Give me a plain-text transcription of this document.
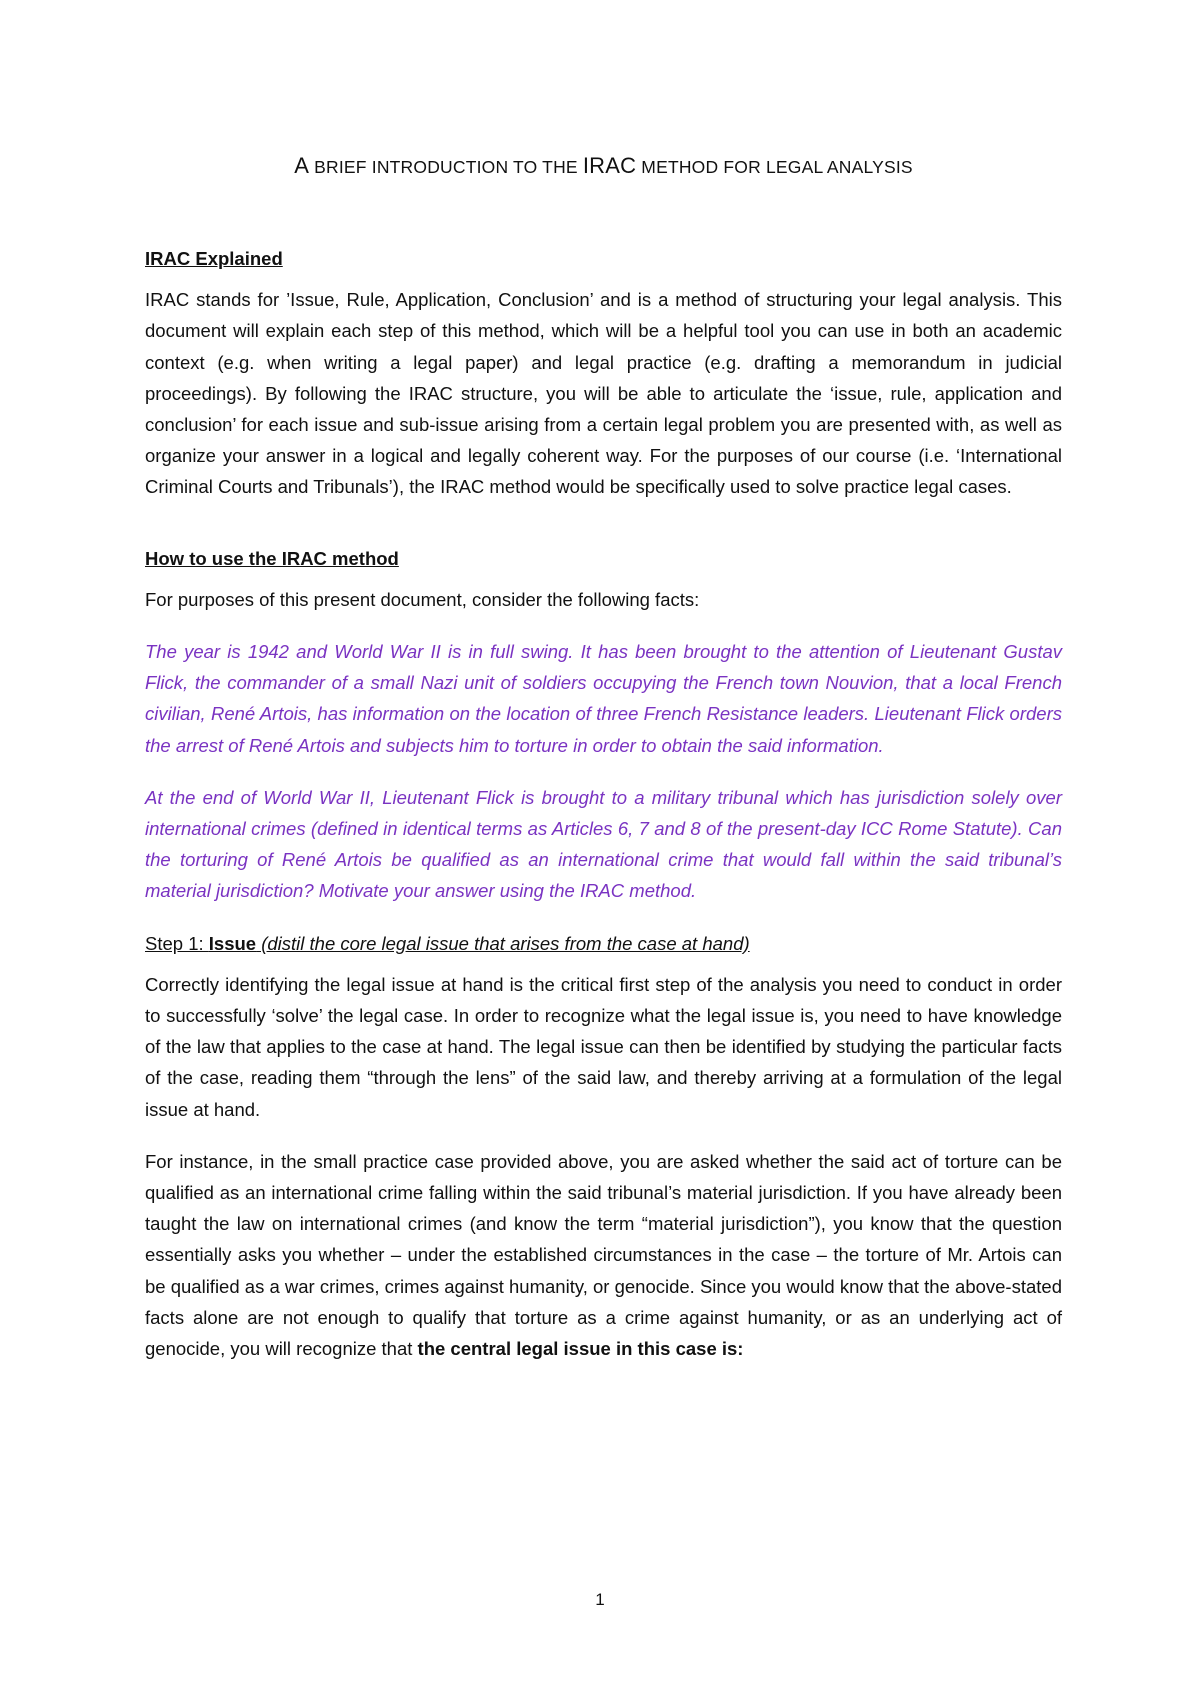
A BRIEF INTRODUCTION TO THE IRAC METHOD FOR LEGAL ANALYSIS
IRAC Explained

IRAC stands for ’Issue, Rule, Application, Conclusion’ and is a method of structuring your legal analysis. This document will explain each step of this method, which will be a helpful tool you can use in both an academic context (e.g. when writing a legal paper) and legal practice (e.g. drafting a memorandum in judicial proceedings). By following the IRAC structure, you will be able to articulate the ‘issue, rule, application and conclusion’ for each issue and sub-issue arising from a certain legal problem you are presented with, as well as organize your answer in a logical and legally coherent way. For the purposes of our course (i.e. ‘International Criminal Courts and Tribunals’), the IRAC method would be specifically used to solve practice legal cases.

How to use the IRAC method

For purposes of this present document, consider the following facts:

The year is 1942 and World War II is in full swing. It has been brought to the attention of Lieutenant Gustav Flick, the commander of a small Nazi unit of soldiers occupying the French town Nouvion, that a local French civilian, René Artois, has information on the location of three French Resistance leaders. Lieutenant Flick orders the arrest of René Artois and subjects him to torture in order to obtain the said information.

At the end of World War II, Lieutenant Flick is brought to a military tribunal which has jurisdiction solely over international crimes (defined in identical terms as Articles 6, 7 and 8 of the present-day ICC Rome Statute). Can the torturing of René Artois be qualified as an international crime that would fall within the said tribunal’s material jurisdiction? Motivate your answer using the IRAC method.

Step 1: Issue (distil the core legal issue that arises from the case at hand)

Correctly identifying the legal issue at hand is the critical first step of the analysis you need to conduct in order to successfully ‘solve’ the legal case. In order to recognize what the legal issue is, you need to have knowledge of the law that applies to the case at hand. The legal issue can then be identified by studying the particular facts of the case, reading them “through the lens” of the said law, and thereby arriving at a formulation of the legal issue at hand.

For instance, in the small practice case provided above, you are asked whether the said act of torture can be qualified as an international crime falling within the said tribunal’s material jurisdiction. If you have already been taught the law on international crimes (and know the term “material jurisdiction”), you know that the question essentially asks you whether – under the established circumstances in the case – the torture of Mr. Artois can be qualified as a war crimes, crimes against humanity, or genocide. Since you would know that the above-stated facts alone are not enough to qualify that torture as a crime against humanity, or as an underlying act of genocide, you will recognize that the central legal issue in this case is:

1
